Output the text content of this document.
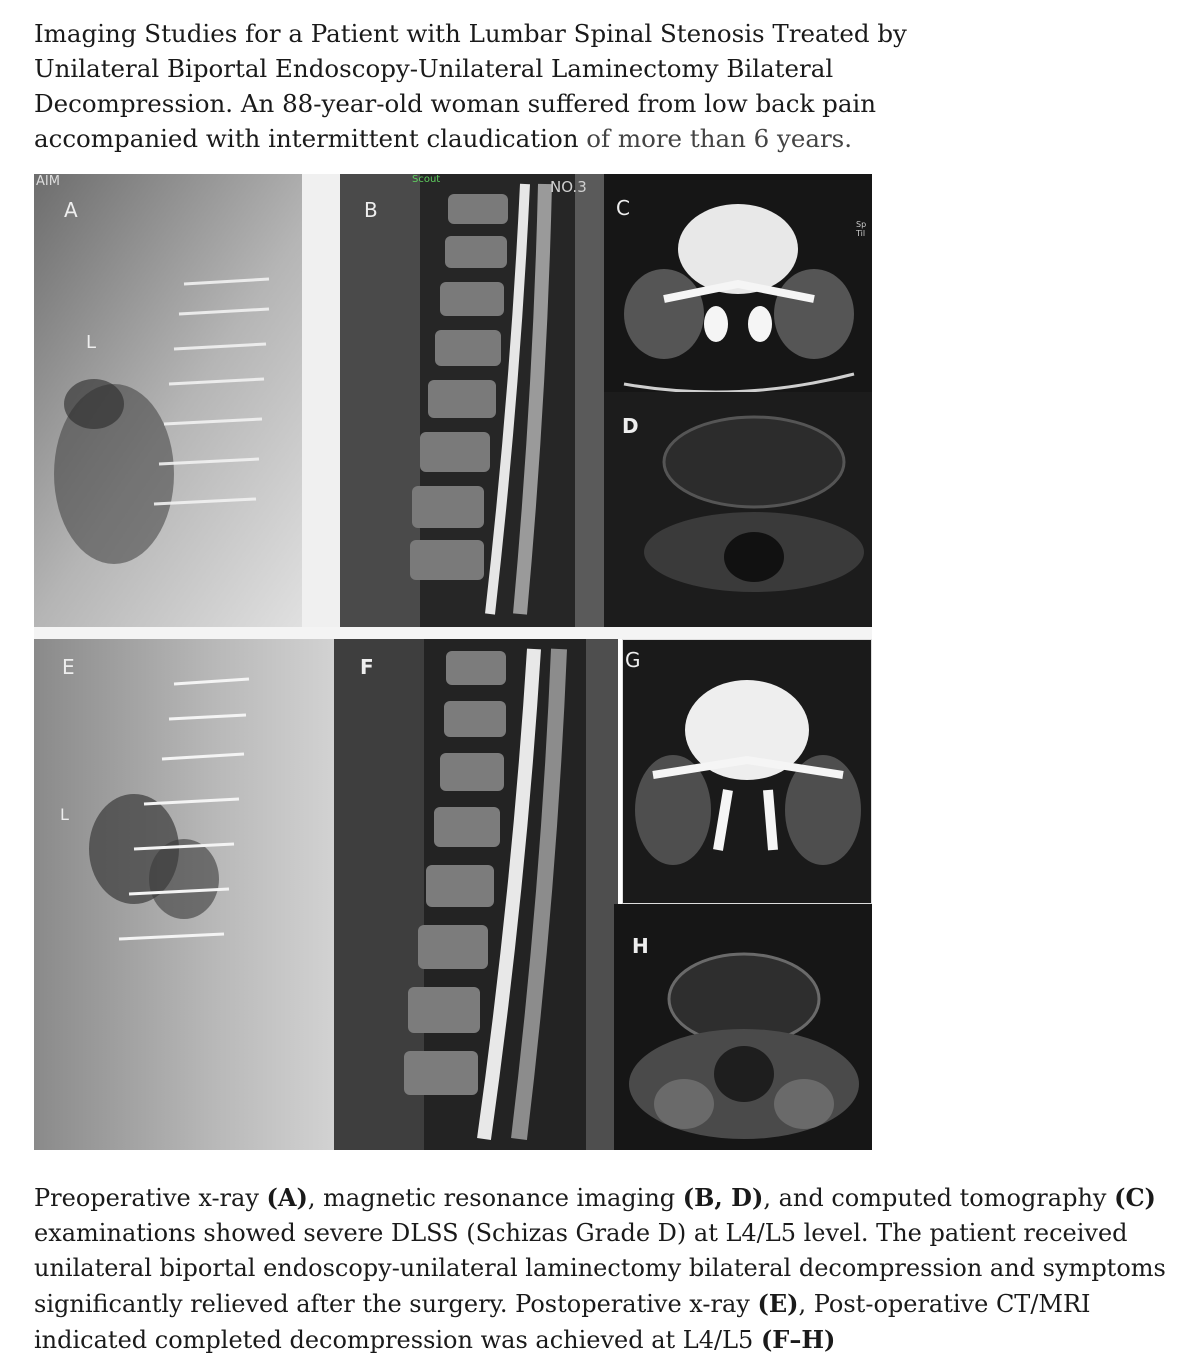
Imaging Studies for a Patient with Lumbar Spinal Stenosis Treated by Unilateral Biportal Endoscopy-Unilateral Laminectomy Bilateral Decompression. An 88-year-old woman suffered from low back pain accompanied with intermittent claudication of more than 6 years.

AIM
A
L
Scout	NO.3
B	C
Sp Til
D
E
L
F	G
H

Preoperative x-ray (A), magnetic resonance imaging (B, D), and computed tomography (C) examinations showed severe DLSS (Schizas Grade D) at L4/L5 level. The patient received unilateral biportal endoscopy-unilateral laminectomy bilateral decompression and symptoms significantly relieved after the surgery. Postoperative x-ray (E), Post-operative CT/MRI indicated completed decompression was achieved at L4/L5 (F–H)
